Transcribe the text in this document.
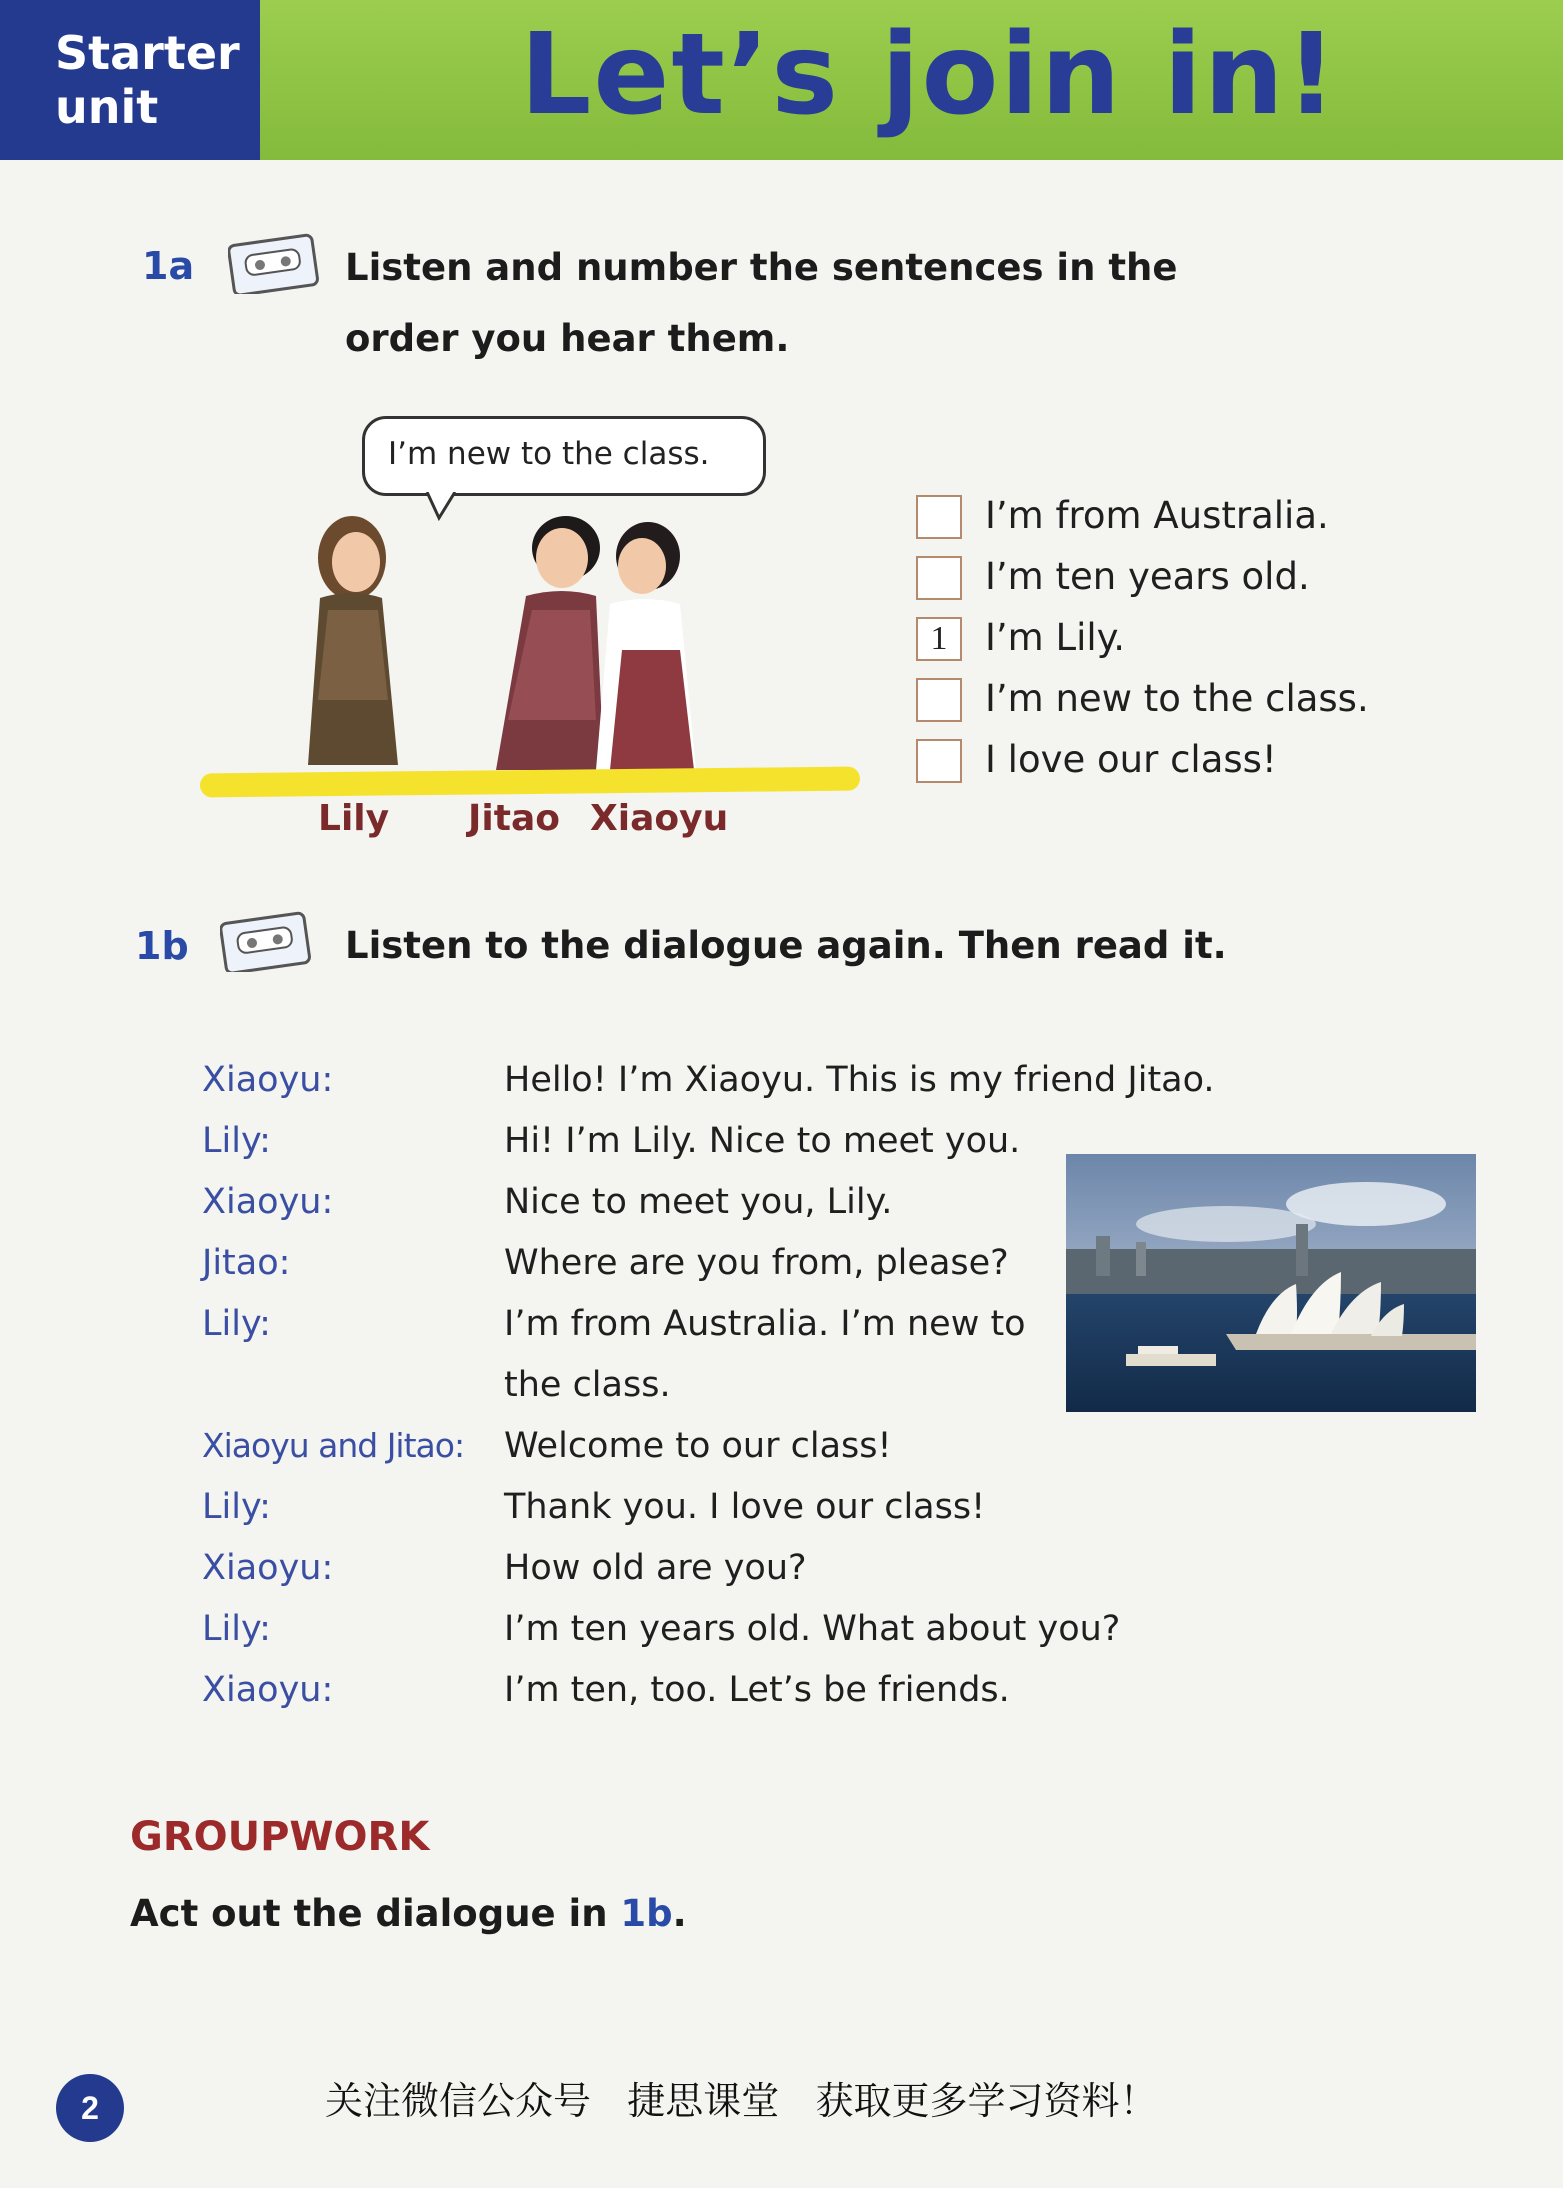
Starter
unit	Let’s join in!
1a	Listen and number the sentences in the
order you hear them.
I’m new to the class.
Lily Jitao Xiaoyu
I’m from Australia.
I’m ten years old.
1	I’m Lily.
I’m new to the class.
I love our class!
1b	Listen to the dialogue again. Then read it.
Xiaoyu:	Hello! I’m Xiaoyu. This is my friend Jitao.
Lily:	Hi! I’m Lily. Nice to meet you.
Xiaoyu:	Nice to meet you, Lily.
Jitao:	Where are you from, please?
Lily:	I’m from Australia. I’m new to
the class.
Xiaoyu and Jitao: Welcome to our class!
Lily:	Thank you. I love our class!
Xiaoyu:	How old are you?
Lily:	I’m ten years old. What about you?
Xiaoyu:	I’m ten, too. Let’s be friends.
GROUPWORK
Act out the dialogue in 1b.
2	关注微信公众号   捷思课堂   获取更多学习资料！
